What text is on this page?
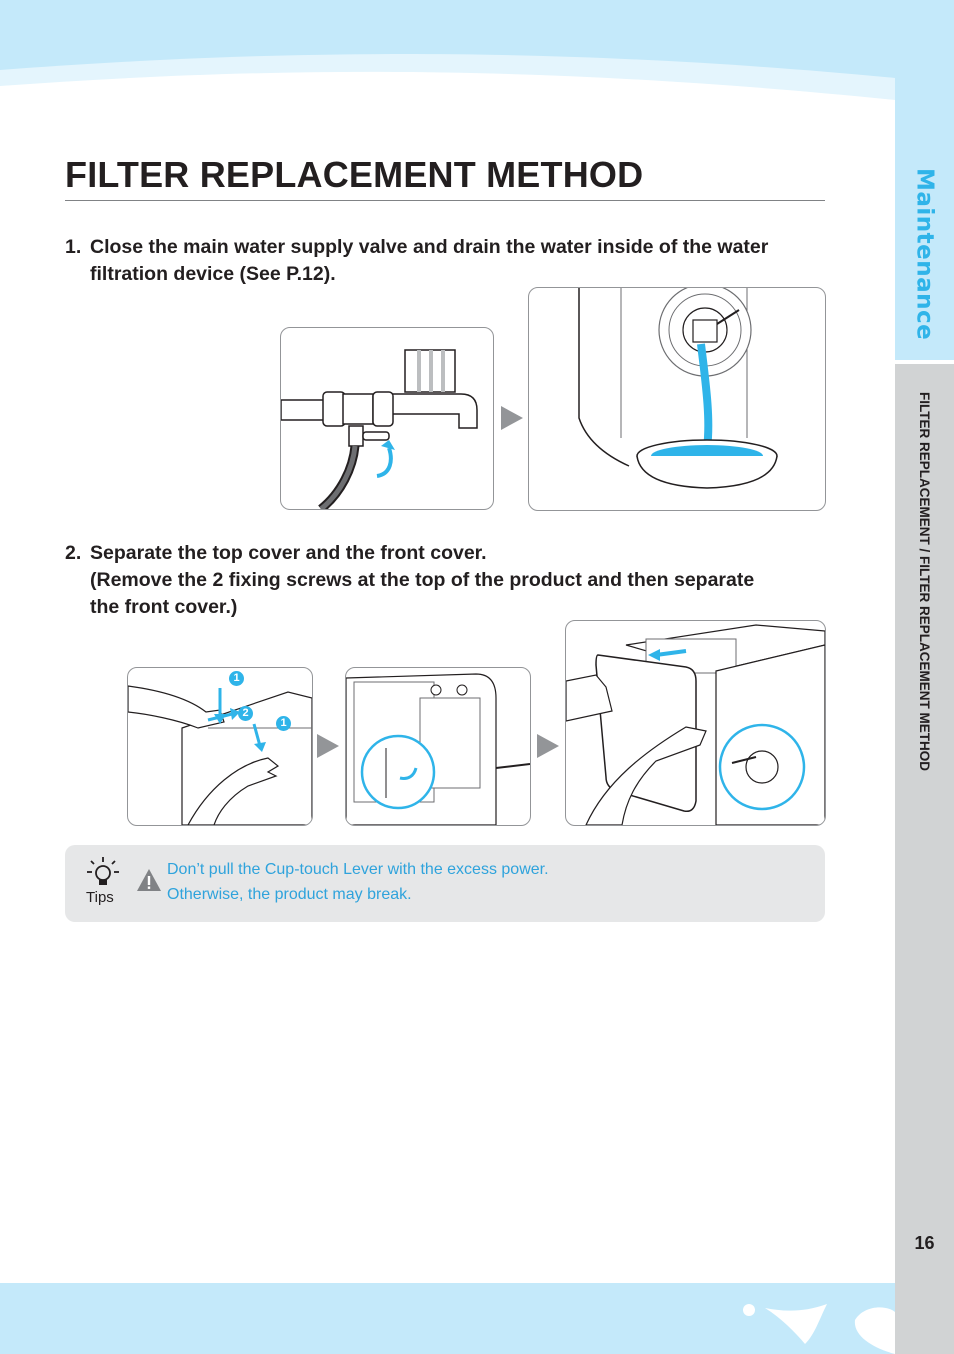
Maintenance
FILTER REPLACEMENT / FILTER REPLACEMENT METHOD
16
FILTER REPLACEMENT METHOD
1. Close the main water supply valve and drain the water inside of the water
filtration device (See P.12).
2. Separate the top cover and the front cover.
(Remove the 2 fixing screws at the top of the product and then separate
the front cover.)
1
2
1
Tips
Don’t pull the Cup-touch Lever with the excess power.
Otherwise, the product may break.
